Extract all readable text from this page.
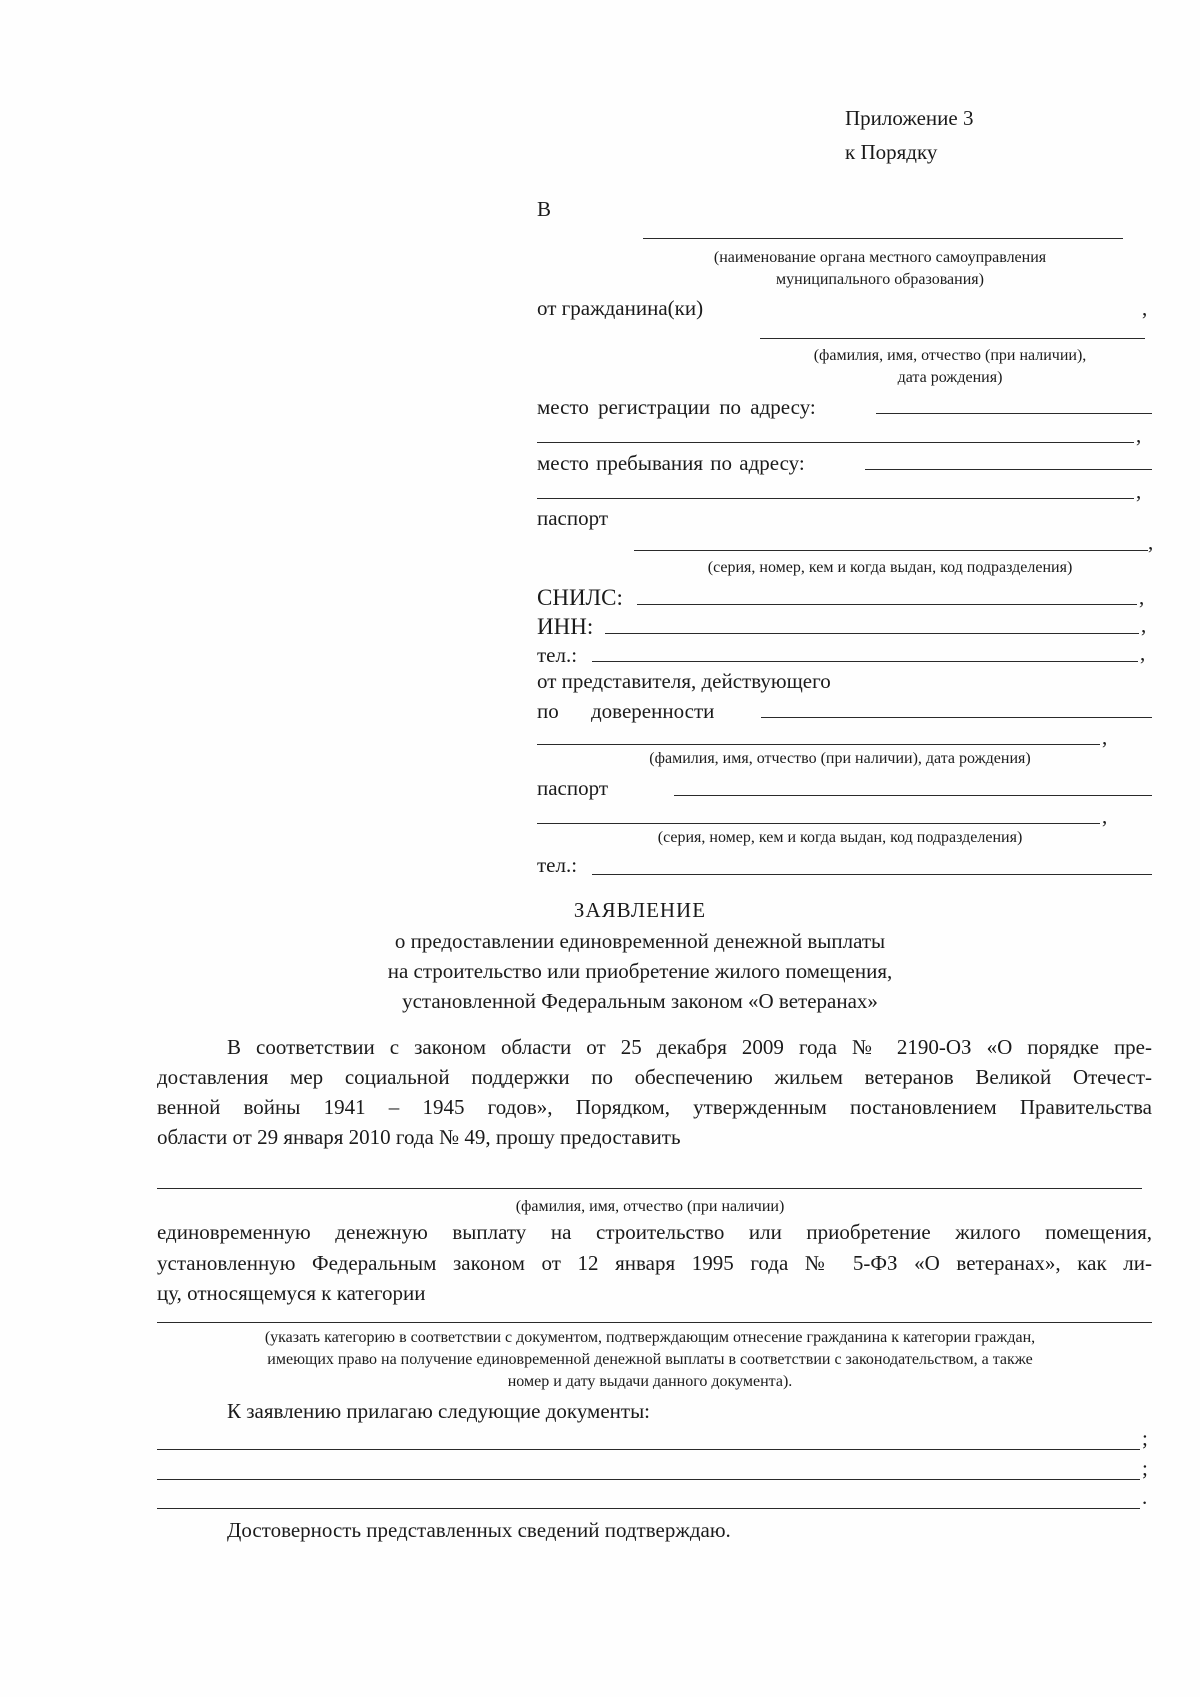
Приложение 3
к Порядку
В
(наименование органа местного самоуправления
муниципального образования)
от гражданина(ки)	,
(фамилия, имя, отчество (при наличии),
дата рождения)
место регистрации по адресу:
,
место пребывания по адресу:
,
паспорт
,
(серия, номер, кем и когда выдан, код подразделения)
СНИЛС:	,
ИНН:	,
тел.:	,
от представителя, действующего
по доверенности
,
(фамилия, имя, отчество (при наличии), дата рождения)
паспорт
,
(серия, номер, кем и когда выдан, код подразделения)
тел.:
ЗАЯВЛЕНИЕ
о предоставлении единовременной денежной выплаты
на строительство или приобретение жилого помещения,
установленной Федеральным законом «О ветеранах»
В соответствии с законом области от 25 декабря 2009 года № 2190-ОЗ «О порядке пре-
доставления мер социальной поддержки по обеспечению жильем ветеранов Великой Отечест-
венной войны 1941 – 1945 годов», Порядком, утвержденным постановлением Правительства
области от 29 января 2010 года № 49, прошу предоставить
(фамилия, имя, отчество (при наличии)
единовременную денежную выплату на строительство или приобретение жилого помещения,
установленную Федеральным законом от 12 января 1995 года № 5-ФЗ «О ветеранах», как ли-
цу, относящемуся к категории
(указать категорию в соответствии с документом, подтверждающим отнесение гражданина к категории граждан,
имеющих право на получение единовременной денежной выплаты в соответствии с законодательством, а также
номер и дату выдачи данного документа).
К заявлению прилагаю следующие документы:
;
;
.
Достоверность представленных сведений подтверждаю.
